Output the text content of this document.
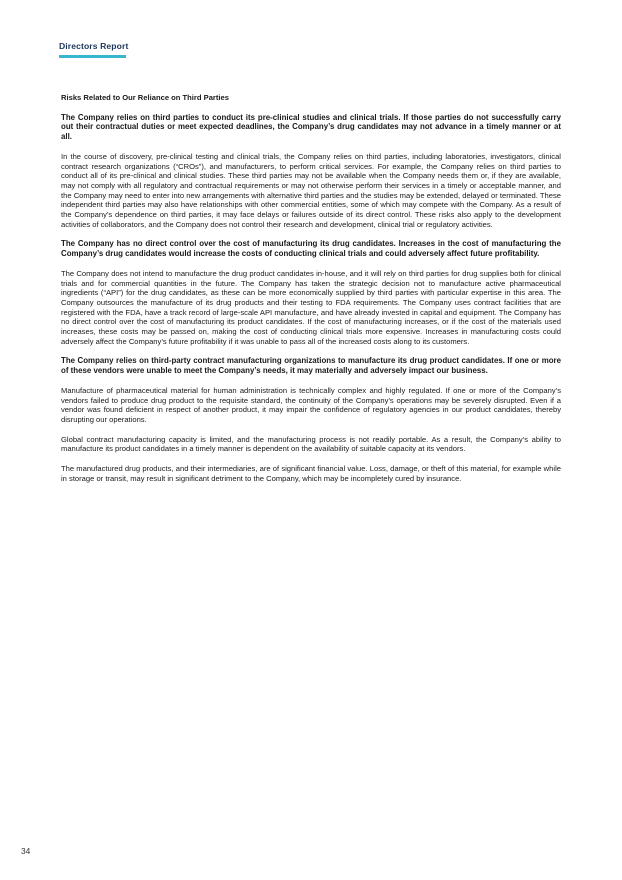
Directors Report
Risks Related to Our Reliance on Third Parties
The Company relies on third parties to conduct its pre-clinical studies and clinical trials. If those parties do not successfully carry out their contractual duties or meet expected deadlines, the Company’s drug candidates may not advance in a timely manner or at all.
In the course of discovery, pre-clinical testing and clinical trials, the Company relies on third parties, including laboratories, investigators, clinical contract research organizations (“CROs”), and manufacturers, to perform critical services. For example, the Company relies on third parties to conduct all of its pre-clinical and clinical studies. These third parties may not be available when the Company needs them or, if they are available, may not comply with all regulatory and contractual requirements or may not otherwise perform their services in a timely or acceptable manner, and the Company may need to enter into new arrangements with alternative third parties and the studies may be extended, delayed or terminated. These independent third parties may also have relationships with other commercial entities, some of which may compete with the Company. As a result of the Company’s dependence on third parties, it may face delays or failures outside of its direct control. These risks also apply to the development activities of collaborators, and the Company does not control their research and development, clinical trial or regulatory activities.
The Company has no direct control over the cost of manufacturing its drug candidates. Increases in the cost of manufacturing the Company’s drug candidates would increase the costs of conducting clinical trials and could adversely affect future profitability.
The Company does not intend to manufacture the drug product candidates in-house, and it will rely on third parties for drug supplies both for clinical trials and for commercial quantities in the future. The Company has taken the strategic decision not to manufacture active pharmaceutical ingredients (“API”) for the drug candidates, as these can be more economically supplied by third parties with particular expertise in this area. The Company outsources the manufacture of its drug products and their testing to FDA requirements. The Company uses contract facilities that are registered with the FDA, have a track record of large-scale API manufacture, and have already invested in capital and equipment. The Company has no direct control over the cost of manufacturing its product candidates. If the cost of manufacturing increases, or if the cost of the materials used increases, these costs may be passed on, making the cost of conducting clinical trials more expensive. Increases in manufacturing costs could adversely affect the Company’s future profitability if it was unable to pass all of the increased costs along to its customers.
The Company relies on third-party contract manufacturing organizations to manufacture its drug product candidates. If one or more of these vendors were unable to meet the Company’s needs, it may materially and adversely impact our business.
Manufacture of pharmaceutical material for human administration is technically complex and highly regulated. If one or more of the Company’s vendors failed to produce drug product to the requisite standard, the continuity of the Company’s operations may be severely disrupted. Even if a vendor was found deficient in respect of another product, it may impair the confidence of regulatory agencies in our product candidates, thereby disrupting our operations.
Global contract manufacturing capacity is limited, and the manufacturing process is not readily portable. As a result, the Company’s ability to manufacture its product candidates in a timely manner is dependent on the availability of suitable capacity at its vendors.
The manufactured drug products, and their intermediaries, are of significant financial value. Loss, damage, or theft of this material, for example while in storage or transit, may result in significant detriment to the Company, which may be incompletely cured by insurance.
34
